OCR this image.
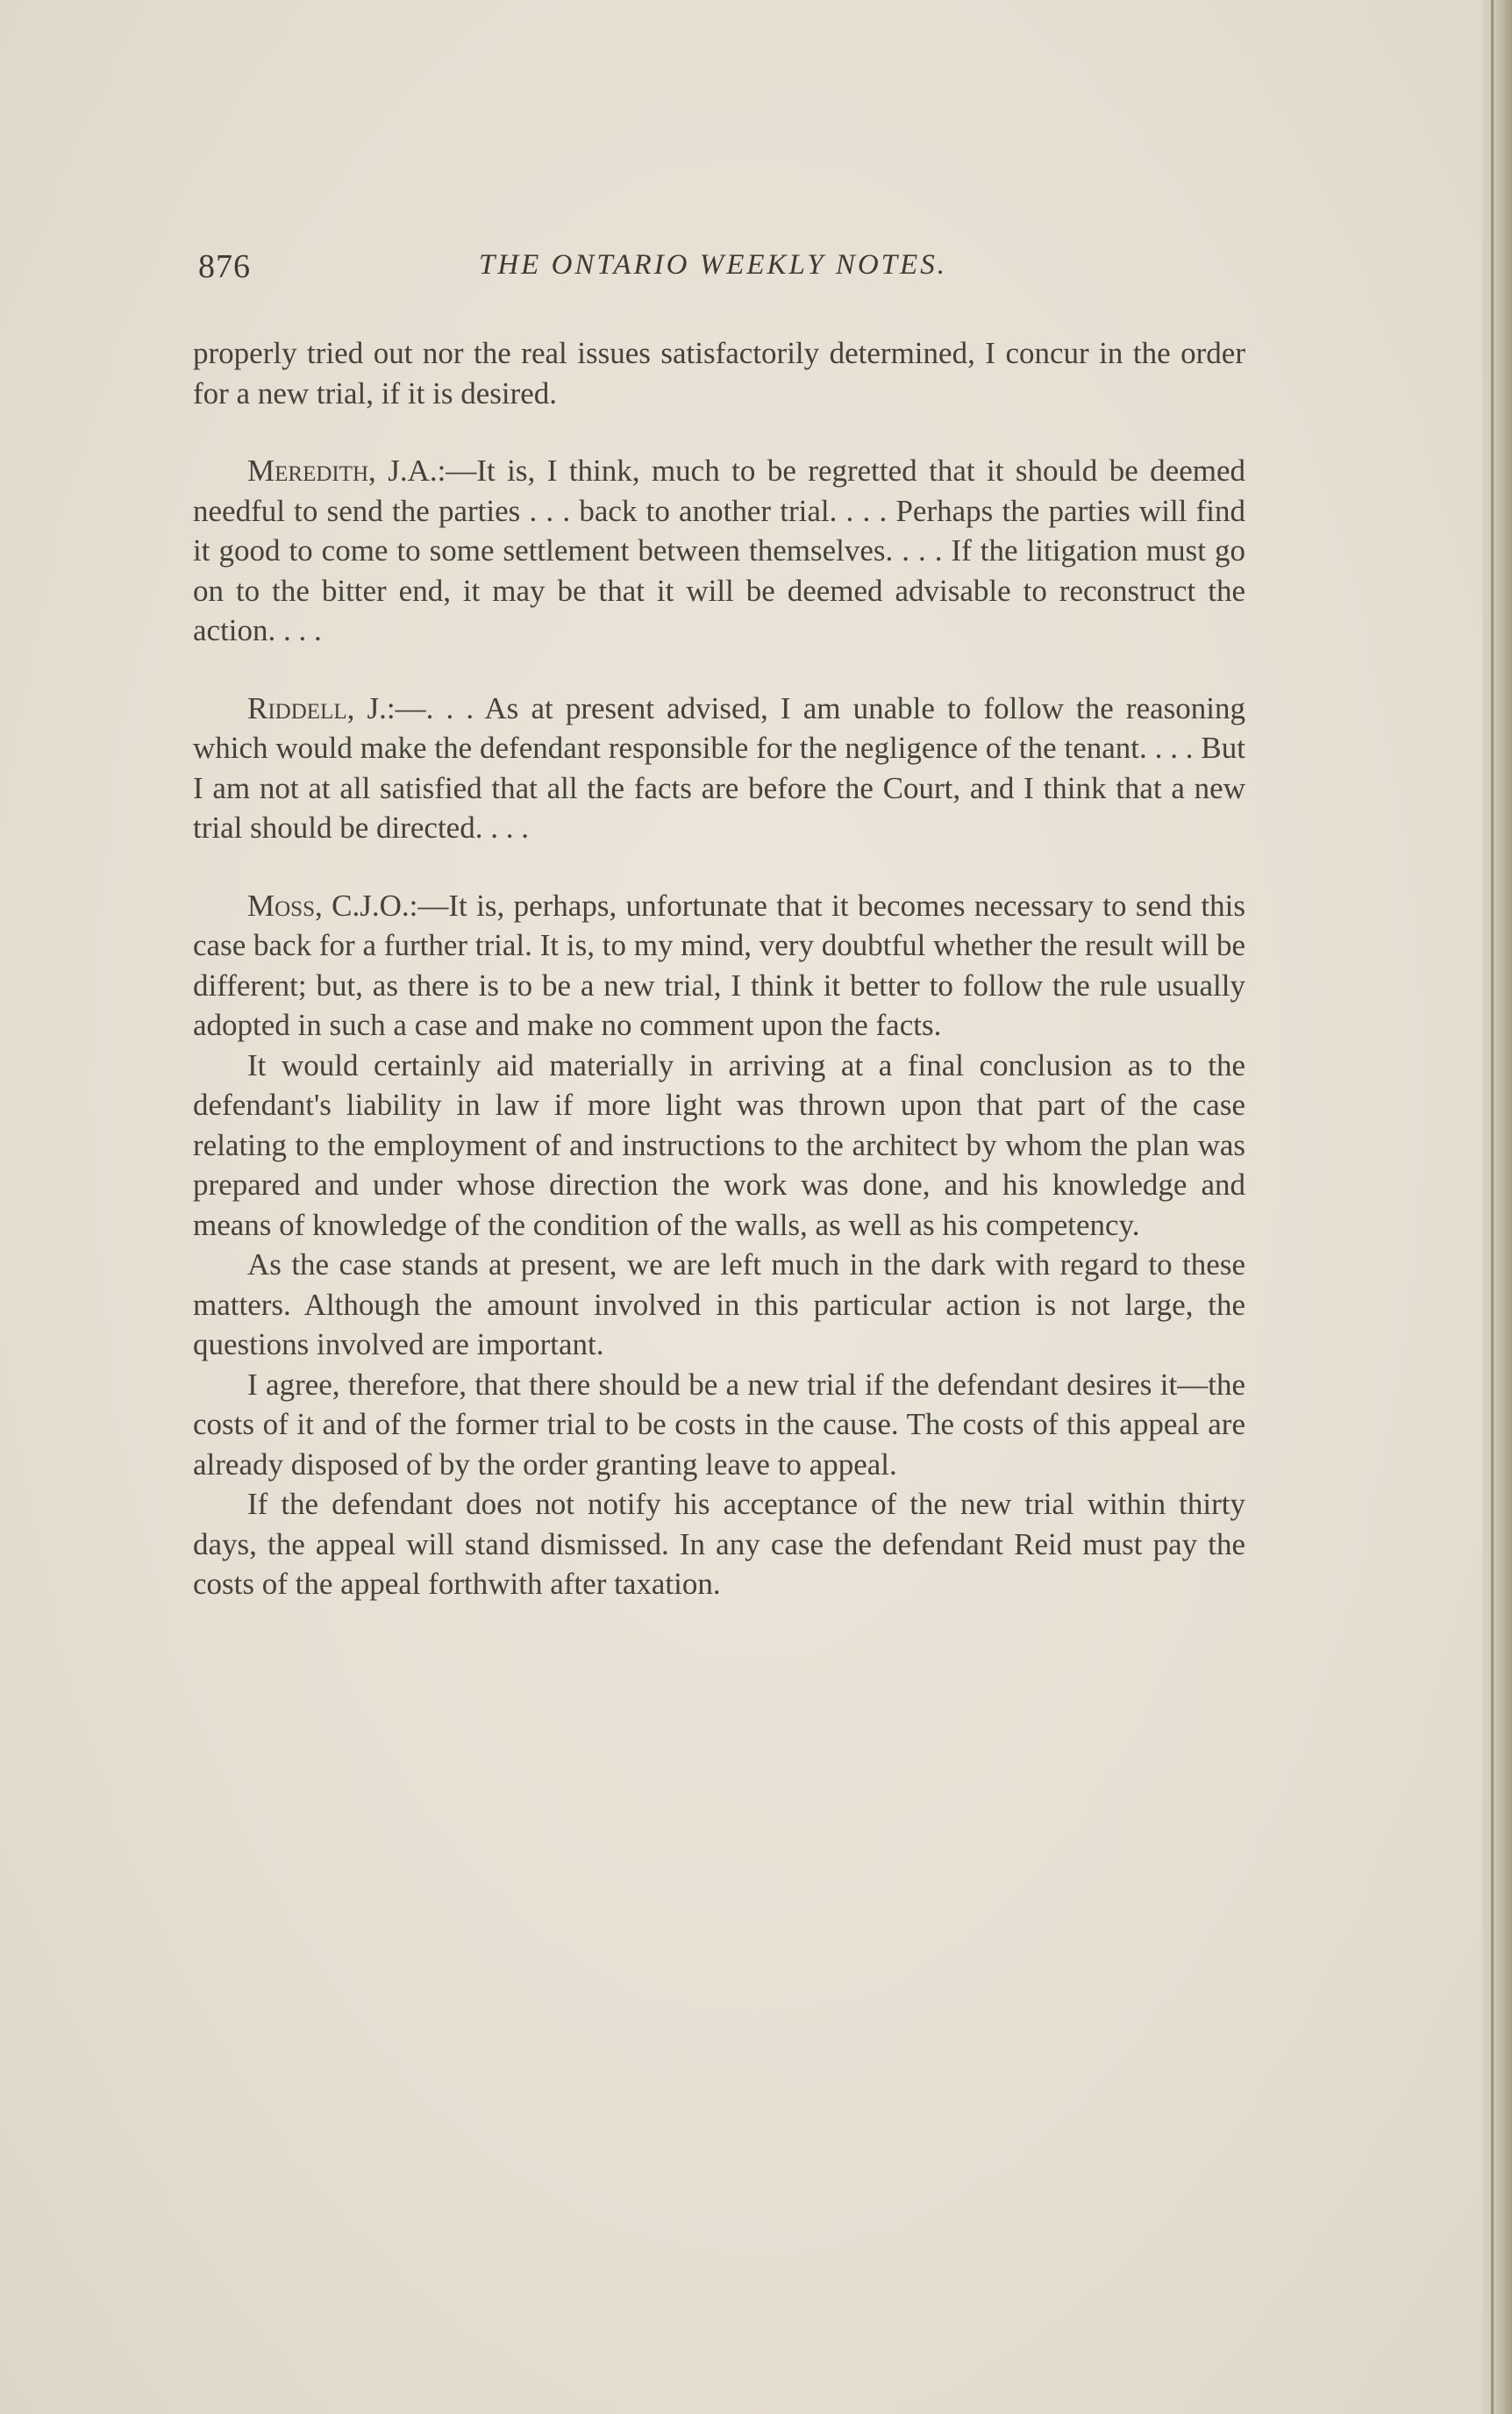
876	THE ONTARIO WEEKLY NOTES.

properly tried out nor the real issues satisfactorily determined, I concur in the order for a new trial, if it is desired.

Meredith, J.A.:—It is, I think, much to be regretted that it should be deemed needful to send the parties . . . back to another trial. . . . Perhaps the parties will find it good to come to some settlement between themselves. . . . If the litigation must go on to the bitter end, it may be that it will be deemed advisable to reconstruct the action. . . .

Riddell, J.:—. . . As at present advised, I am unable to follow the reasoning which would make the defendant responsible for the negligence of the tenant. . . . But I am not at all satisfied that all the facts are before the Court, and I think that a new trial should be directed. . . .

Moss, C.J.O.:—It is, perhaps, unfortunate that it becomes necessary to send this case back for a further trial. It is, to my mind, very doubtful whether the result will be different; but, as there is to be a new trial, I think it better to follow the rule usually adopted in such a case and make no comment upon the facts.

It would certainly aid materially in arriving at a final conclusion as to the defendant's liability in law if more light was thrown upon that part of the case relating to the employment of and instructions to the architect by whom the plan was prepared and under whose direction the work was done, and his knowledge and means of knowledge of the condition of the walls, as well as his competency.

As the case stands at present, we are left much in the dark with regard to these matters. Although the amount involved in this particular action is not large, the questions involved are important.

I agree, therefore, that there should be a new trial if the defendant desires it—the costs of it and of the former trial to be costs in the cause. The costs of this appeal are already disposed of by the order granting leave to appeal.

If the defendant does not notify his acceptance of the new trial within thirty days, the appeal will stand dismissed. In any case the defendant Reid must pay the costs of the appeal forthwith after taxation.
